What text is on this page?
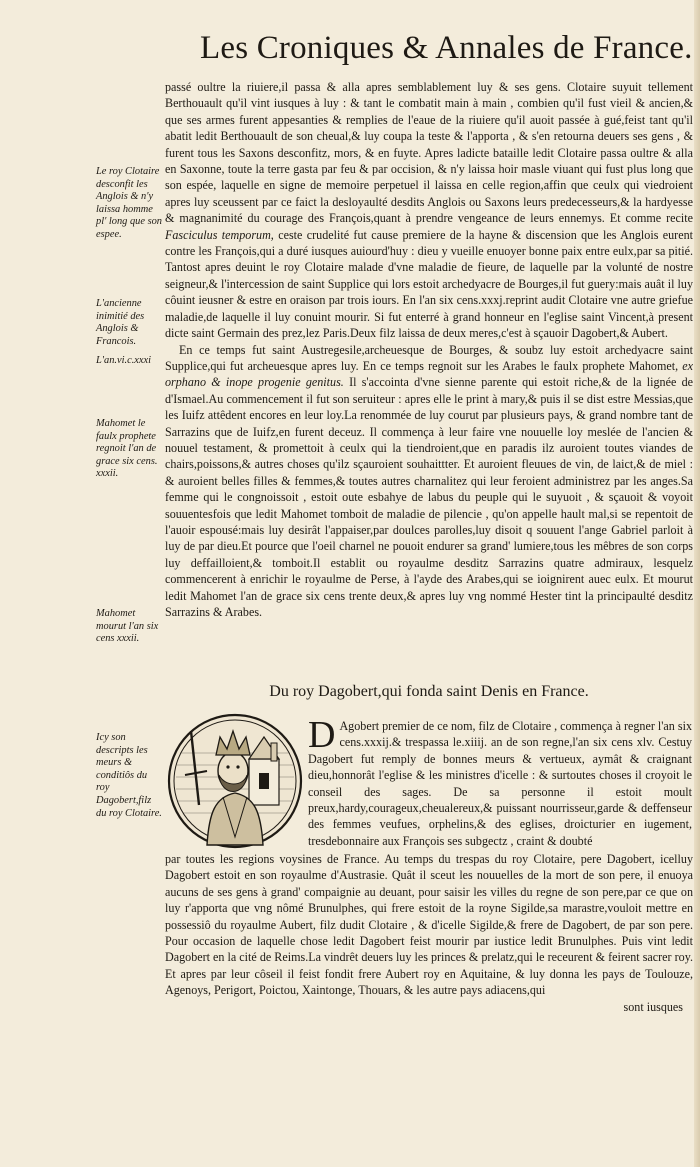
Les Croniques & Annales de France.
Le roy Clotaire desconfit les Anglois & n'y laissa homme pl' long que son espee.
L'ancienne inimitié des Anglois & Francois.
L'an.vi.c.xxxi
Mahomet le faulx prophete regnoit l'an de grace six cens. xxxii.
Mahomet mourut l'an six cens xxxii.
Icy son descripts les meurs & conditiôs du roy Dagobert,filz du roy Clotaire.

passé oultre la riuiere,il passa & alla apres semblablement luy & ses gens. Clotaire suyuit tellement Berthouault qu'il vint iusques à luy : & tant le combatit main à main , combien qu'il fust vieil & ancien,& que ses armes furent appesanties & remplies de l'eaue de la riuiere qu'il auoit passée à gué,feist tant qu'il abatit ledit Berthouault de son cheual,& luy coupa la teste & l'apporta , & s'en retourna deuers ses gens , & furent tous les Saxons desconfitz, mors, & en fuyte. Apres ladicte bataille ledit Clotaire passa oultre & alla en Saxonne, toute la terre gasta par feu & par occision, & n'y laissa hoir masle viuant qui fust plus long que son espée, laquelle en signe de memoire perpetuel il laissa en celle region,affin que ceulx qui viedroient apres luy sceussent par ce faict la desloyaulté desdits Anglois ou Saxons leurs predecesseurs,& la hardyesse & magnanimité du courage des François,quant à prendre vengeance de leurs ennemys. Et comme recite Fasciculus temporum, ceste crudelité fut cause premiere de la hayne & discension que les Anglois eurent contre les François,qui a duré iusques auiourd'huy : dieu y vueille enuoyer bonne paix entre eulx,par sa pitié. Tantost apres deuint le roy Clotaire malade d'vne maladie de fieure, de laquelle par la volunté de nostre seigneur,& l'intercession de saint Supplice qui lors estoit archedyacre de Bourges,il fut guery:mais auât il luy côuint ieusner & estre en oraison par trois iours. En l'an six cens.xxxj.reprint audit Clotaire vne autre griefue maladie,de laquelle il luy conuint mourir. Si fut enterré à grand honneur en l'eglise saint Vincent,à present dicte saint Germain des prez,lez Paris.Deux filz laissa de deux meres,c'est à sçauoir Dagobert,& Aubert.

En ce temps fut saint Austregesile,archeuesque de Bourges, & soubz luy estoit archedyacre saint Supplice,qui fut archeuesque apres luy. En ce temps regnoit sur les Arabes le faulx prophete Mahomet, ex orphano & inope progenie genitus. Il s'accointa d'vne sienne parente qui estoit riche,& de la lignée de d'Ismael.Au commencement il fut son seruiteur : apres elle le print à mary,& puis il se dist estre Messias,que les Iuifz attêdent encores en leur loy.La renommée de luy courut par plusieurs pays, & grand nombre tant de Sarrazins que de Iuifz,en furent deceuz. Il commença à leur faire vne nouuelle loy meslée de l'ancien & nouuel testament, & promettoit à ceulx qui la tiendroient,que en paradis ilz auroient toutes viandes de chairs,poissons,& autres choses qu'ilz sçauroient souhaittter. Et auroient fleuues de vin, de laict,& de miel : & auroient belles filles & femmes,& toutes autres charnalitez qui leur feroient administrez par les anges.Sa femme qui le congnoissoit , estoit oute esbahye de labus du peuple qui le suyuoit , & sçauoit & voyoit souuentesfois que ledit Mahomet tomboit de maladie de pilencie , qu'on appelle hault mal,si se repentoit de l'auoir espousé:mais luy desirât l'appaiser,par doulces parolles,luy disoit q souuent l'ange Gabriel parloit à luy de par dieu.Et pource que l'oeil charnel ne pouoit endurer sa grand' lumiere,tous les mêbres de son corps luy deffailloient,& tomboit.Il establit ou royaulme desditz Sarrazins quatre admiraux, lesquelz commencerent à enrichir le royaulme de Perse, à l'ayde des Arabes,qui se ioignirent auec eulx. Et mourut ledit Mahomet l'an de grace six cens trente deux,& apres luy vng nommé Hester tint la principaulté desditz Sarrazins & Arabes.

Du roy Dagobert,qui fonda saint Denis en France.
D Agobert premier de ce nom, filz de Clotaire , commença à regner l'an six cens.xxxij.& trespassa le.xiiij. an de son regne,l'an six cens xlv. Cestuy Dagobert fut remply de bonnes meurs & vertueux, aymât & craignant dieu,honnorât l'eglise & les ministres d'icelle : & surtoutes choses il croyoit le conseil des sages. De sa personne il estoit moult preux,hardy,courageux,cheualereux,& puissant nourrisseur,garde & deffenseur des femmes veufues, orphelins,& des eglises, droicturier en iugement, tresdebonnaire aux François ses subgectz , craint & doubté

par toutes les regions voysines de France. Au temps du trespas du roy Clotaire, pere Dagobert, icelluy Dagobert estoit en son royaulme d'Austrasie. Quât il sceut les nouuelles de la mort de son pere, il enuoya aucuns de ses gens à grand' compaignie au deuant, pour saisir les villes du regne de son pere,par ce que on luy r'apporta que vng nômé Brunulphes, qui frere estoit de la royne Sigilde,sa marastre,vouloit mettre en possessiô du royaulme Aubert, filz dudit Clotaire , & d'icelle Sigilde,& frere de Dagobert, de par son pere. Pour occasion de laquelle chose ledit Dagobert feist mourir par iustice ledit Brunulphes. Puis vint ledit Dagobert en la cité de Reims.La vindrêt deuers luy les princes & prelatz,qui le receurent & feirent sacrer roy. Et apres par leur côseil il feist fondit frere Aubert roy en Aquitaine, & luy donna les pays de Toulouze, Agenoys, Perigort, Poictou, Xaintonge, Thouars, & les autre pays adiacens,qui

sont iusques
